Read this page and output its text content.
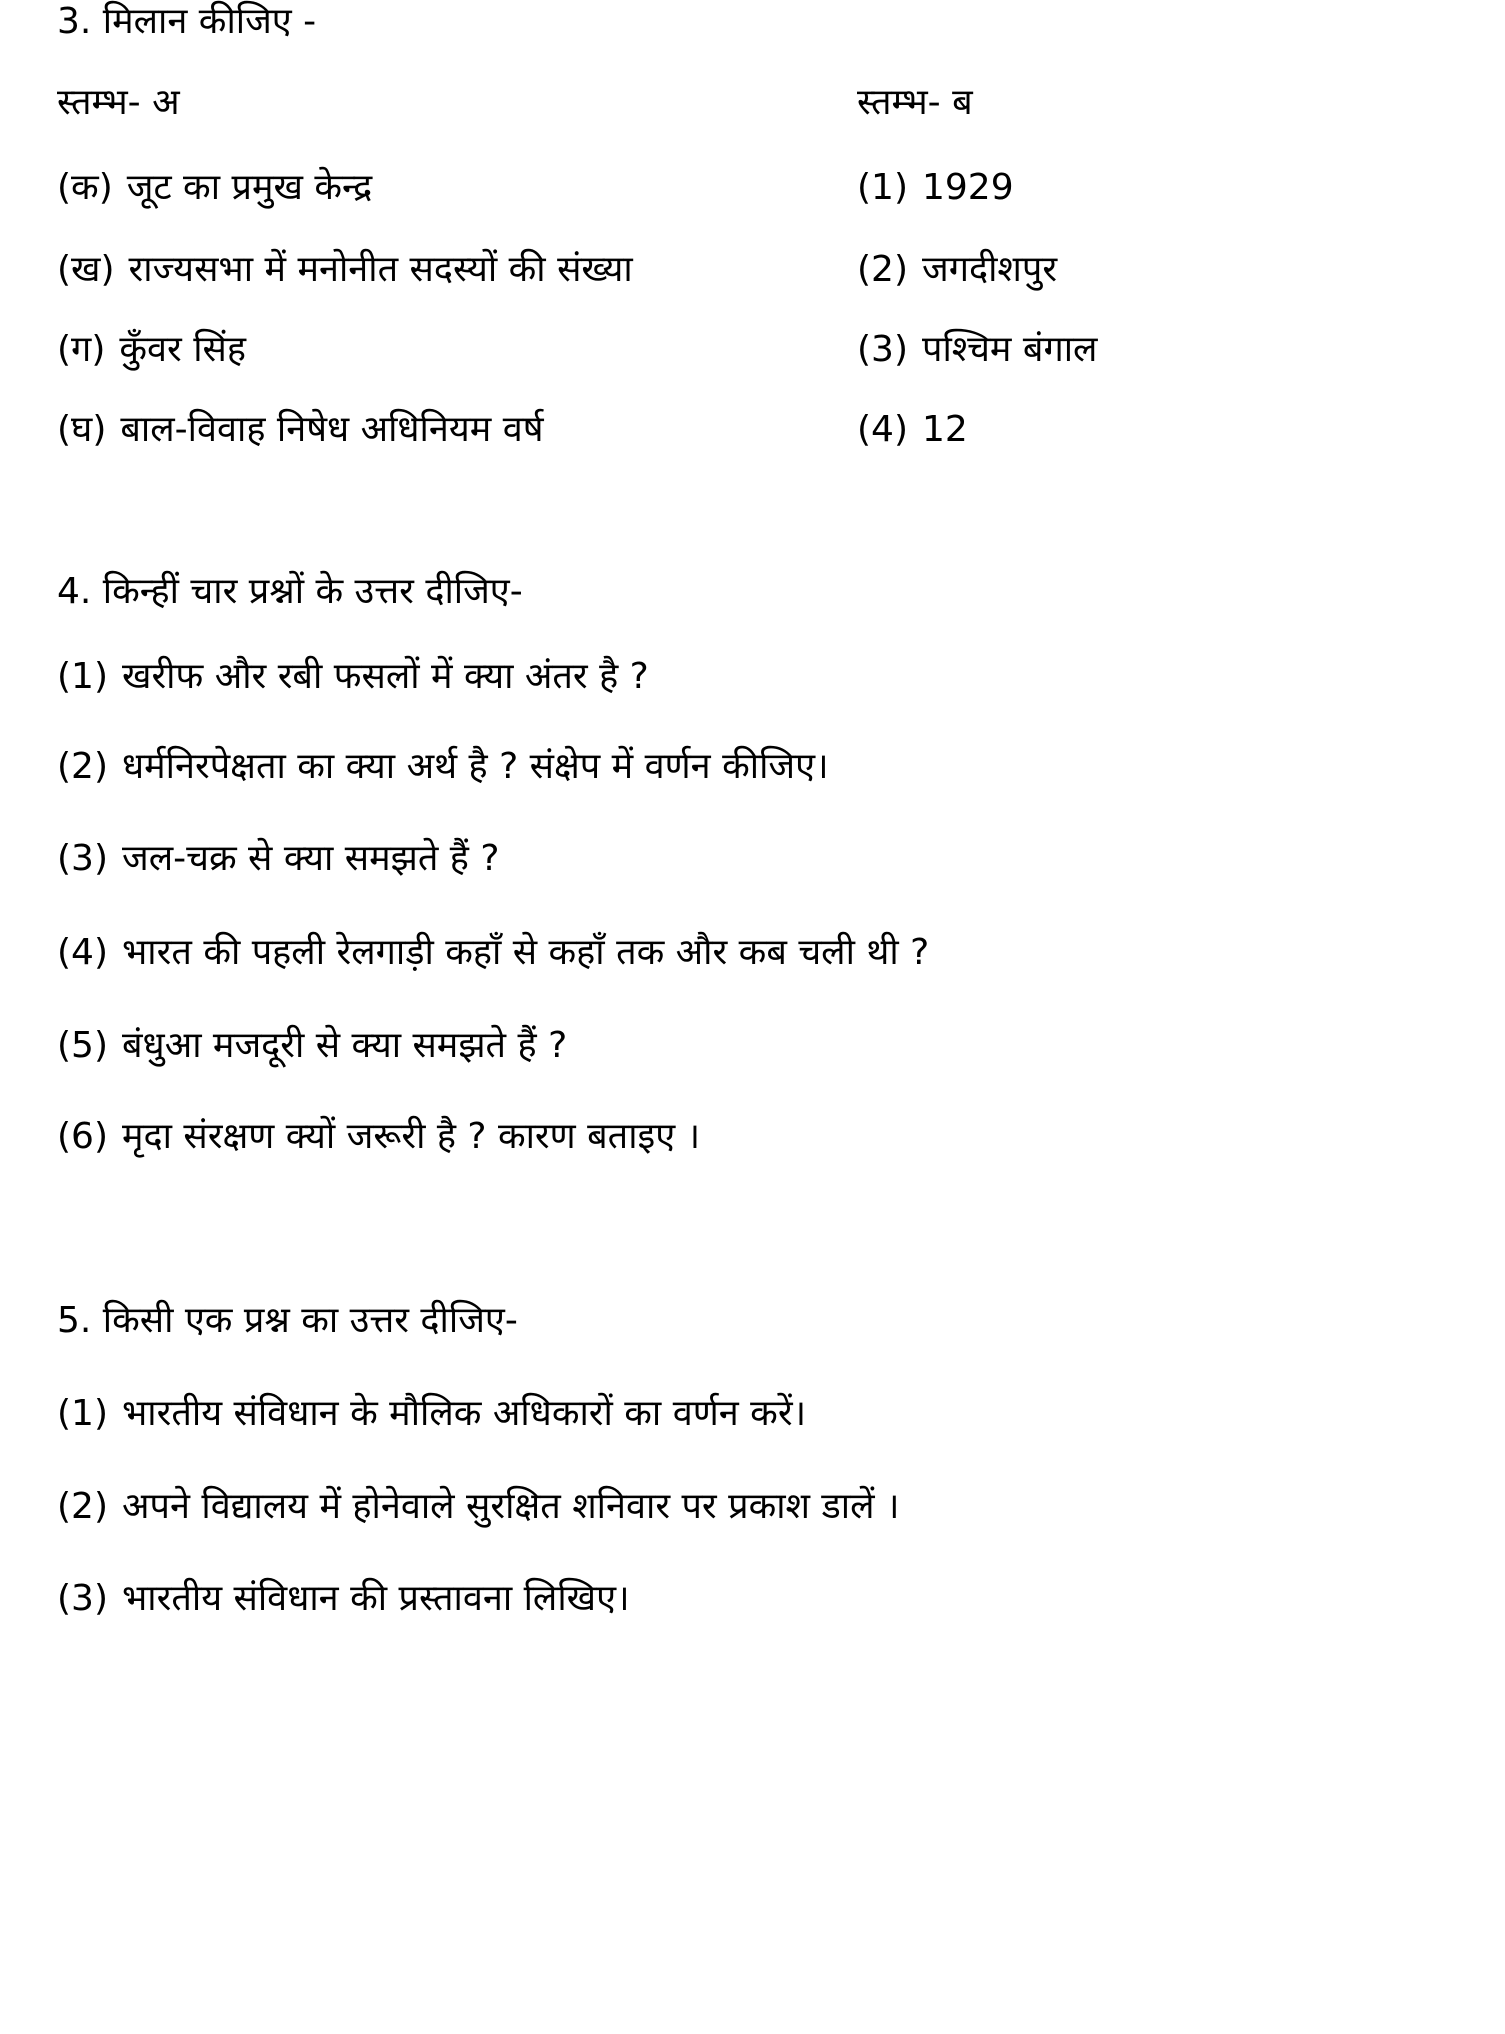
3. मिलान कीजिए -
स्तम्भ- अ	स्तम्भ- ब
(क) जूट का प्रमुख केन्द्र
(ख) राज्यसभा में मनोनीत सदस्यों की संख्या
(ग) कुँवर सिंह
(घ) बाल-विवाह निषेध अधिनियम वर्ष
(1) 1929
(2) जगदीशपुर
(3) पश्चिम बंगाल
(4) 12
4. किन्हीं चार प्रश्नों के उत्तर दीजिए-
(1) खरीफ और रबी फसलों में क्या अंतर है ?
(2) धर्मनिरपेक्षता का क्या अर्थ है ? संक्षेप में वर्णन कीजिए।
(3) जल-चक्र से क्या समझते हैं ?
(4) भारत की पहली रेलगाड़ी कहाँ से कहाँ तक और कब चली थी ?
(5) बंधुआ मजदूरी से क्या समझते हैं ?
(6) मृदा संरक्षण क्यों जरूरी है ? कारण बताइए ।
5. किसी एक प्रश्न का उत्तर दीजिए-
(1) भारतीय संविधान के मौलिक अधिकारों का वर्णन करें।
(2) अपने विद्यालय में होनेवाले सुरक्षित शनिवार पर प्रकाश डालें ।
(3) भारतीय संविधान की प्रस्तावना लिखिए।
